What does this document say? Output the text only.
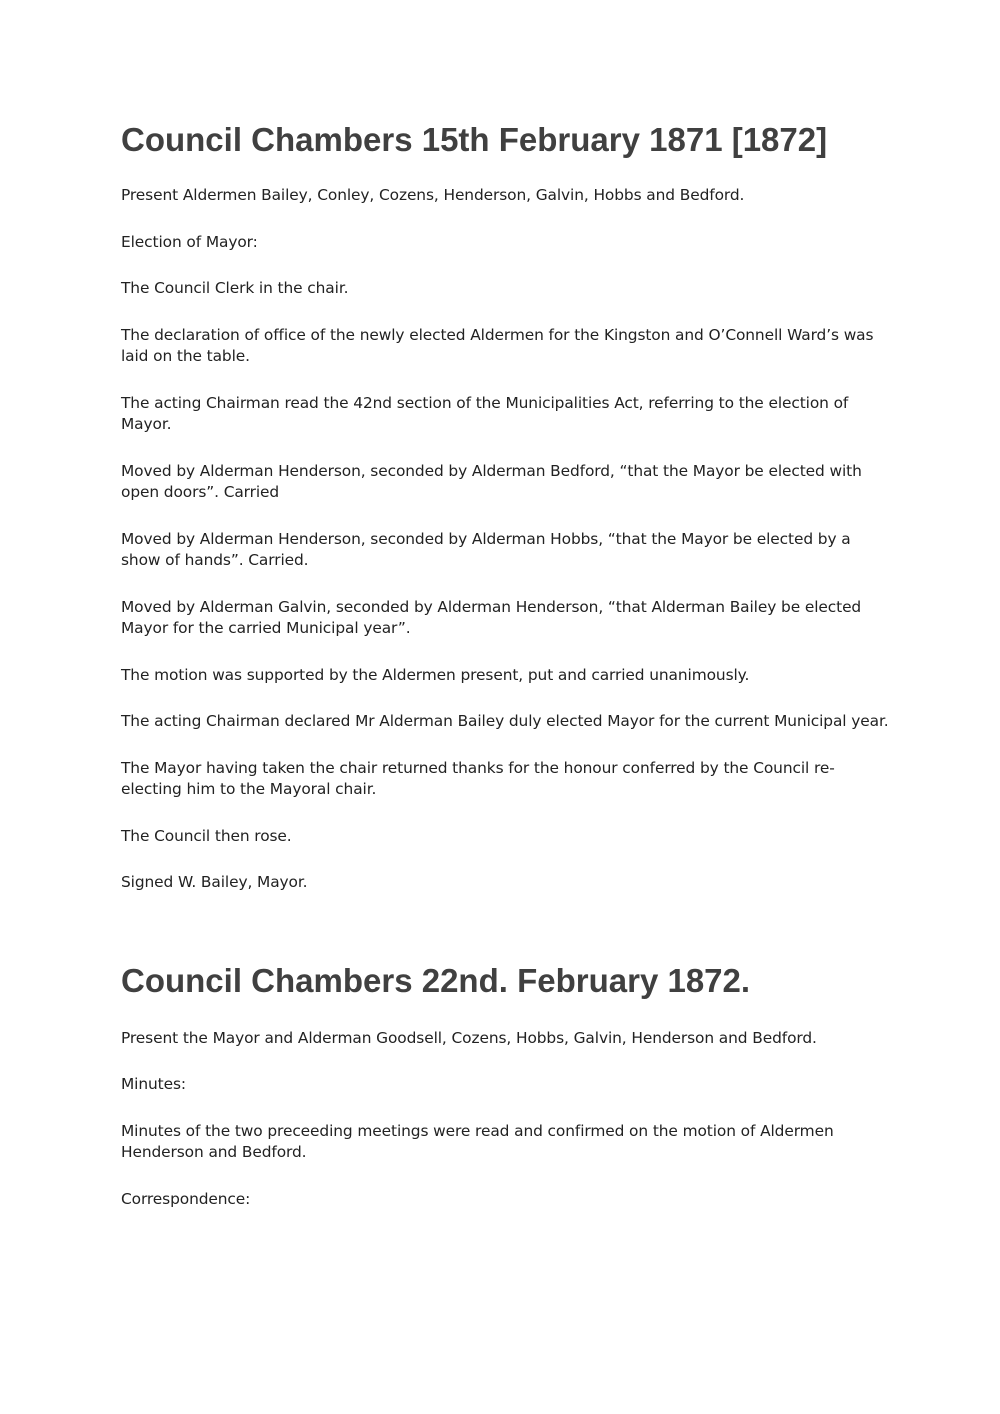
Council Chambers 15th February 1871 [1872]

Present Aldermen Bailey, Conley, Cozens, Henderson, Galvin, Hobbs and Bedford.

Election of Mayor:

The Council Clerk in the chair.

The declaration of office of the newly elected Aldermen for the Kingston and O’Connell Ward’s was laid on the table.

The acting Chairman read the 42nd section of the Municipalities Act, referring to the election of Mayor.

Moved by Alderman Henderson, seconded by Alderman Bedford, “that the Mayor be elected with open doors”. Carried

Moved by Alderman Henderson, seconded by Alderman Hobbs, “that the Mayor be elected by a show of hands”. Carried.

Moved by Alderman Galvin, seconded by Alderman Henderson, “that Alderman Bailey be elected Mayor for the carried Municipal year”.

The motion was supported by the Aldermen present, put and carried unanimously.

The acting Chairman declared Mr Alderman Bailey duly elected Mayor for the current Municipal year.

The Mayor having taken the chair returned thanks for the honour conferred by the Council re-electing him to the Mayoral chair.

The Council then rose.

Signed W. Bailey, Mayor.

Council Chambers 22nd. February 1872.

Present the Mayor and Alderman Goodsell, Cozens, Hobbs, Galvin, Henderson and Bedford.

Minutes:

Minutes of the two preceeding meetings were read and confirmed on the motion of Aldermen Henderson and Bedford.

Correspondence:
